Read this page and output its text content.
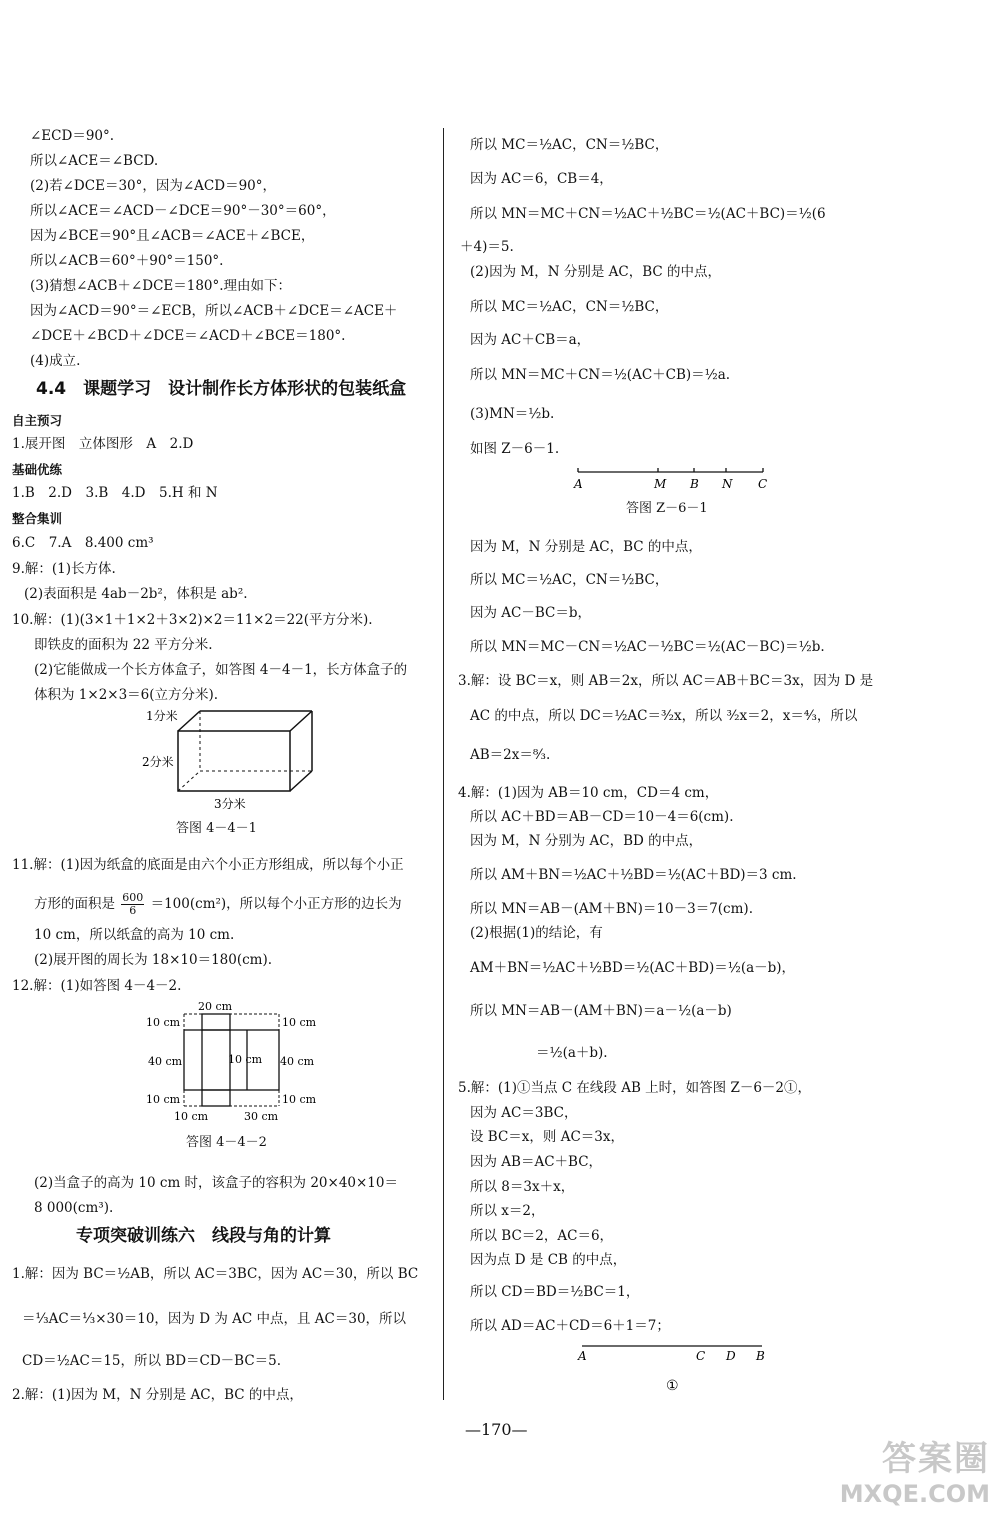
∠ECD＝90°.
所以∠ACE＝∠BCD.
(2)若∠DCE＝30°，因为∠ACD＝90°，
所以∠ACE＝∠ACD－∠DCE＝90°－30°＝60°，
因为∠BCE＝90°且∠ACB＝∠ACE＋∠BCE，
所以∠ACB＝60°＋90°＝150°.
(3)猜想∠ACB＋∠DCE＝180°.理由如下：
因为∠ACD＝90°＝∠ECB，所以∠ACB＋∠DCE＝∠ACE＋
∠DCE＋∠BCD＋∠DCE＝∠ACD＋∠BCE＝180°.
(4)成立.
4.4　课题学习　设计制作长方体形状的包装纸盒
自主预习
1.展开图　立体图形　A　2.D
基础优练
1.B　2.D　3.B　4.D　5.H 和 N
整合集训
6.C　7.A　8.400 cm³
9.解：(1)长方体.
(2)表面积是 4ab－2b²，体积是 ab².
10.解：(1)(3×1＋1×2＋3×2)×2＝11×2＝22(平方分米).
即铁皮的面积为 22 平方分米.
(2)它能做成一个长方体盒子，如答图 4－4－1，长方体盒子的
体积为 1×2×3＝6(立方分米).
1分米
2分米
3分米
答图 4－4－1
11.解：(1)因为纸盒的底面是由六个小正方形组成，所以每个小正
方形的面积是 $\frac{600}{6} =100(cm^2)$，所以每个小正方形的边长为
10 cm，所以纸盒的高为 10 cm.
(2)展开图的周长为 18×10＝180(cm).
12.解：(1)如答图 4－4－2.
20 cm
10 cm	10 cm
40 cm	10 cm 40 cm
10 cm	10 cm
10 cm	30 cm
答图 4－4－2
(2)当盒子的高为 10 cm 时，该盒子的容积为 20×40×10＝
8 000(cm³).
专项突破训练六　线段与角的计算
1.解：因为 BC＝½AB，所以 AC＝3BC，因为 AC＝30，所以 BC
＝⅓AC＝⅓×30＝10，因为 D 为 AC 中点，且 AC＝30，所以
CD＝½AC＝15，所以 BD＝CD－BC＝5.
2.解：(1)因为 M，N 分别是 AC，BC 的中点，
所以 MC＝½AC，CN＝½BC，
因为 AC＝6，CB＝4，
所以 MN＝MC＋CN＝½AC＋½BC＝½(AC＋BC)＝½(6
＋4)＝5.
(2)因为 M，N 分别是 AC，BC 的中点，
所以 MC＝½AC，CN＝½BC，
因为 AC＋CB＝a，
所以 MN＝MC＋CN＝½(AC＋CB)＝½a.
(3)MN＝½b.
如图 Z－6－1.
A	M B N C
答图 Z－6－1
因为 M，N 分别是 AC，BC 的中点，
所以 MC＝½AC，CN＝½BC，
因为 AC－BC＝b，
所以 MN＝MC－CN＝½AC－½BC＝½(AC－BC)＝½b.
3.解：设 BC＝x，则 AB＝2x，所以 AC＝AB＋BC＝3x，因为 D 是
AC 的中点，所以 DC＝½AC＝³⁄₂x，所以 ³⁄₂x＝2，x＝⁴⁄₃，所以
AB＝2x＝⁸⁄₃.
4.解：(1)因为 AB＝10 cm，CD＝4 cm，
所以 AC＋BD＝AB－CD＝10－4＝6(cm).
因为 M，N 分别为 AC，BD 的中点，
所以 AM＋BN＝½AC＋½BD＝½(AC＋BD)＝3 cm.
所以 MN＝AB－(AM＋BN)＝10－3＝7(cm).
(2)根据(1)的结论，有
AM＋BN＝½AC＋½BD＝½(AC＋BD)＝½(a－b)，
所以 MN＝AB－(AM＋BN)＝a－½(a－b)
＝½(a＋b).
5.解：(1)①当点 C 在线段 AB 上时，如答图 Z－6－2①，
因为 AC＝3BC，
设 BC＝x，则 AC＝3x，
因为 AB＝AC＋BC，
所以 8＝3x＋x，
所以 x＝2，
所以 BC＝2，AC＝6，
因为点 D 是 CB 的中点，
所以 CD＝BD＝½BC＝1，
所以 AD＝AC＋CD＝6＋1＝7；
A	C D B
①
—170—
答案圈
MXQE.COM
